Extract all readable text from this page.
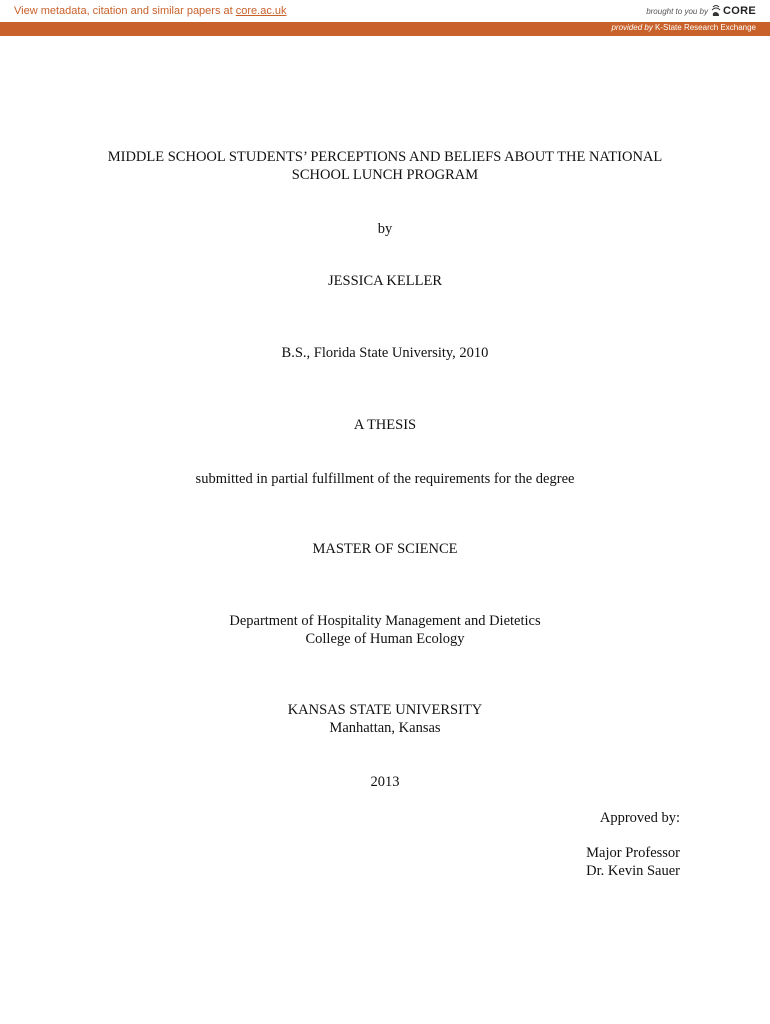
View metadata, citation and similar papers at core.ac.uk	brought to you by CORE
provided by K-State Research Exchange
MIDDLE SCHOOL STUDENTS’ PERCEPTIONS AND BELIEFS ABOUT THE NATIONAL
SCHOOL LUNCH PROGRAM
by
JESSICA KELLER
B.S., Florida State University, 2010
A THESIS
submitted in partial fulfillment of the requirements for the degree
MASTER OF SCIENCE
Department of Hospitality Management and Dietetics
College of Human Ecology
KANSAS STATE UNIVERSITY
Manhattan, Kansas
2013
Approved by:
Major Professor
Dr. Kevin Sauer
